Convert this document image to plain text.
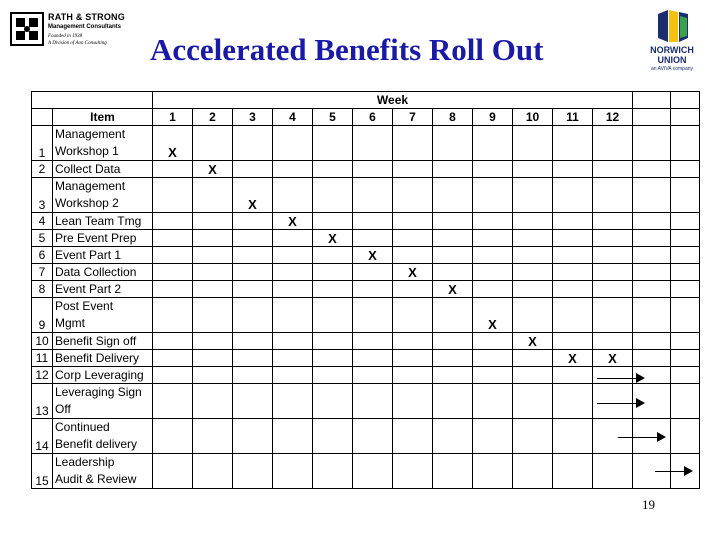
RATH & STRONG
Management Consultants
Founded in 1938
A Division of Aon Consulting Accelerated Benefits Roll Out	NORWICH
UNION
an AVIVA company
		Week													
	Item	1	2	3	4	5	6	7	8	9	10	11	12		
1	Management
Workshop 1	X													
2	Collect Data		X												
3	Management
Workshop 2			X											
4	Lean Team Tmg				X										
5	Pre Event Prep					X									
6	Event Part 1						X								
7	Data Collection							X							
8	Event Part 2								X						
9	Post Event
Mgmt									X					
10	Benefit Sign off										X				
11	Benefit Delivery											X	X		
12	Corp Leveraging														
13	Leveraging Sign
Off														
14	Continued
Benefit delivery														
15	Leadership
Audit & Review														
19
